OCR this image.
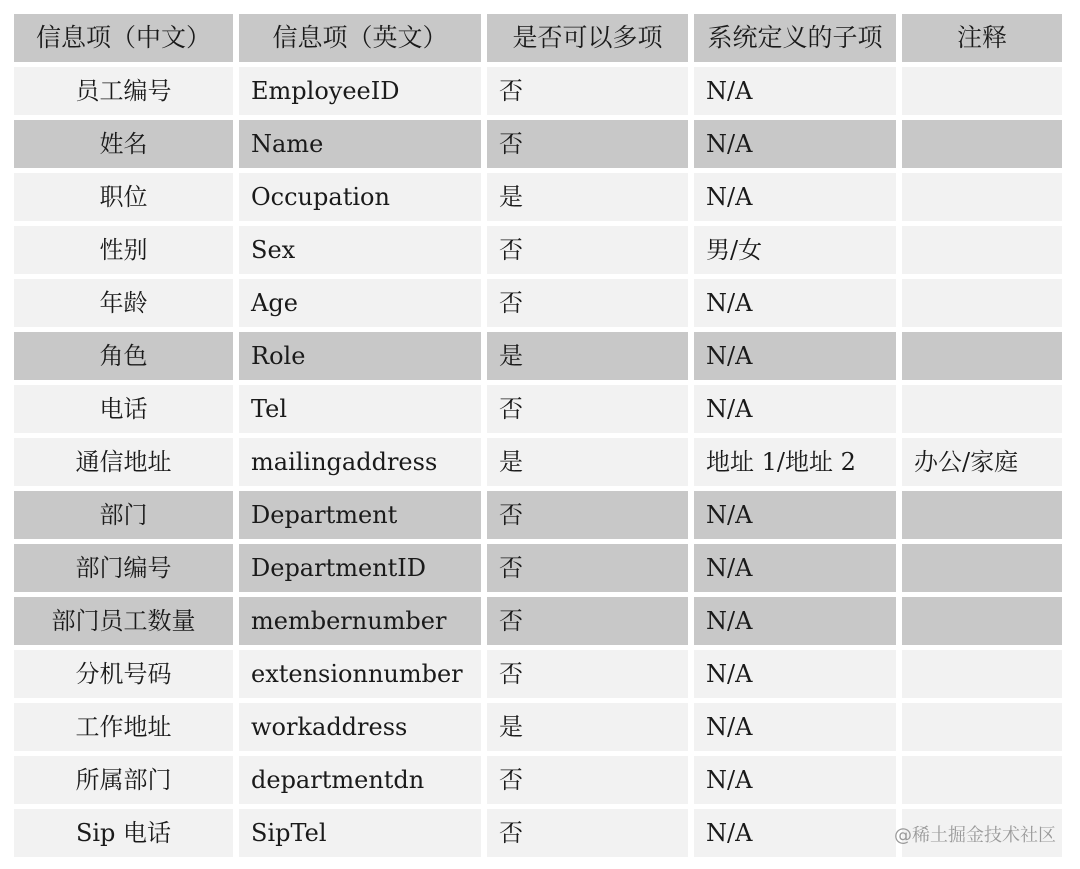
信息项（中文）	信息项（英文）	是否可以多项	系统定义的子项	注释
员工编号	EmployeeID	否	N/A
姓名	Name	否	N/A
职位	Occupation	是	N/A
性别	Sex	否	男/女
年龄	Age	否	N/A
角色	Role	是	N/A
电话	Tel	否	N/A
通信地址	mailingaddress	是	地址 1/地址 2	办公/家庭
部门	Department	否	N/A
部门编号	DepartmentID	否	N/A
部门员工数量	membernumber	否	N/A
分机号码	extensionnumber	否	N/A
工作地址	workaddress	是	N/A
所属部门	departmentdn	否	N/A
Sip 电话	SipTel	否	N/A	@稀土掘金技术社区
